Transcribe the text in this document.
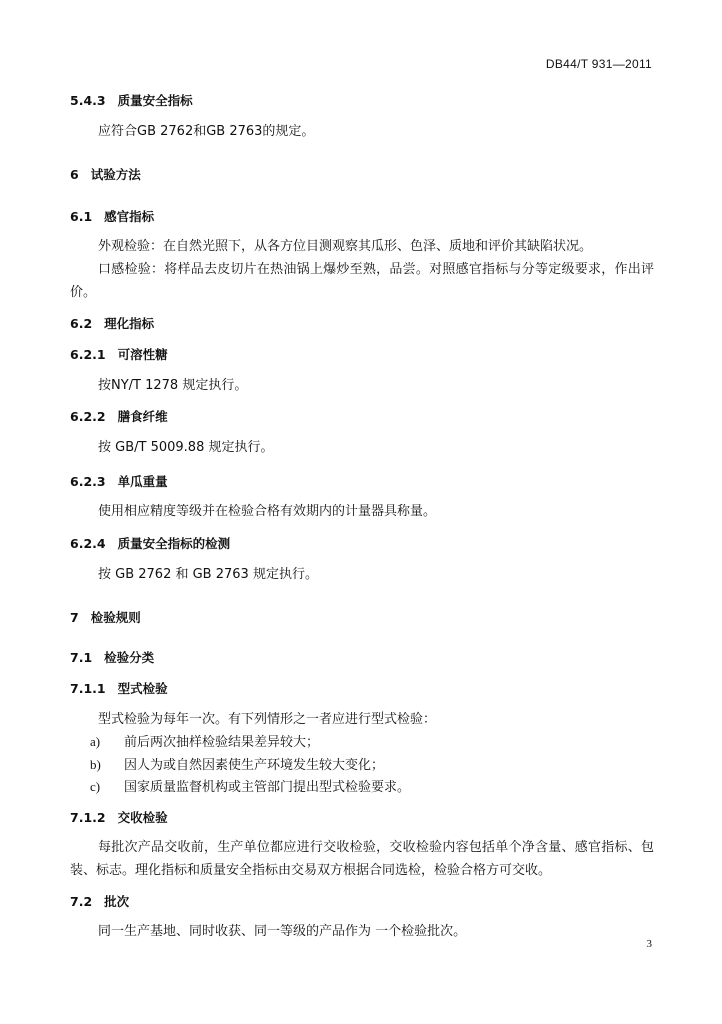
DB44/T 931—2011
5.4.3 质量安全指标
应符合GB 2762和GB 2763的规定。
6 试验方法
6.1 感官指标
外观检验：在自然光照下，从各方位目测观察其瓜形、色泽、质地和评价其缺陷状况。
口感检验：将样品去皮切片在热油锅上爆炒至熟，品尝。对照感官指标与分等定级要求，作出评价。
6.2 理化指标
6.2.1 可溶性糖
按NY/T 1278 规定执行。
6.2.2 膳食纤维
按 GB/T 5009.88 规定执行。
6.2.3 单瓜重量
使用相应精度等级并在检验合格有效期内的计量器具称量。
6.2.4 质量安全指标的检测
按 GB 2762 和 GB 2763 规定执行。
7 检验规则
7.1 检验分类
7.1.1 型式检验
型式检验为每年一次。有下列情形之一者应进行型式检验：
a) 前后两次抽样检验结果差异较大；
b) 因人为或自然因素使生产环境发生较大变化；
c) 国家质量监督机构或主管部门提出型式检验要求。
7.1.2 交收检验
每批次产品交收前，生产单位都应进行交收检验，交收检验内容包括单个净含量、感官指标、包装、标志。理化指标和质量安全指标由交易双方根据合同选检，检验合格方可交收。
7.2 批次
同一生产基地、同时收获、同一等级的产品作为 一个检验批次。
3
